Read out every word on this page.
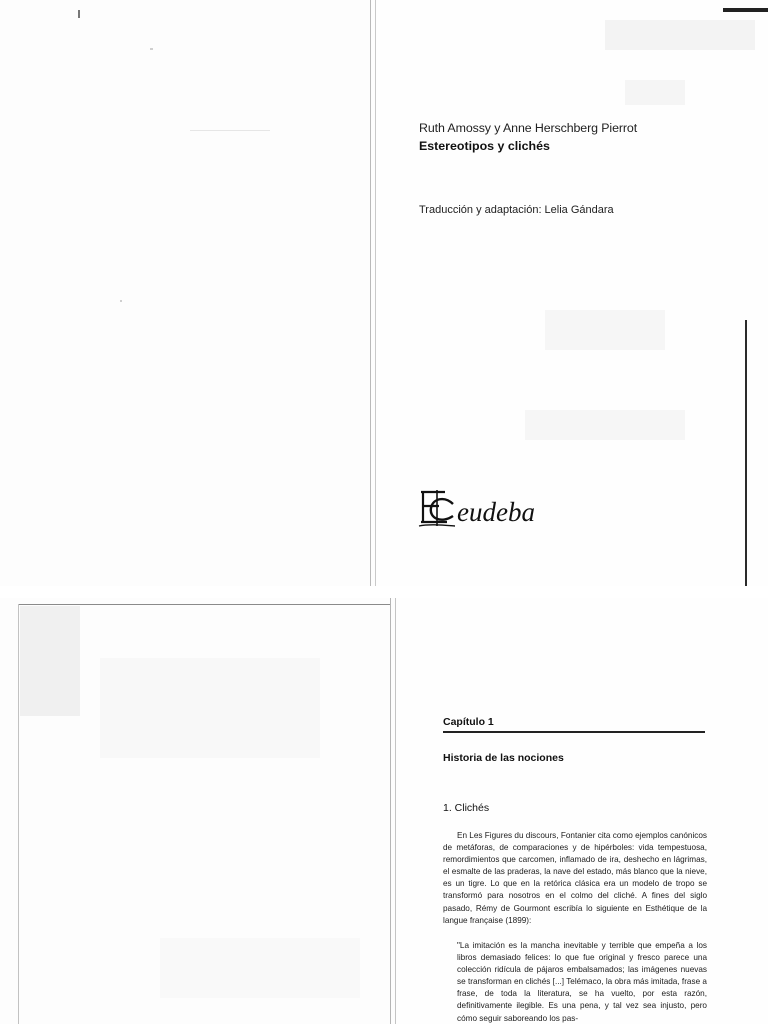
Ruth Amossy y Anne Herschberg Pierrot
Estereotipos y clichés
Traducción y adaptación: Lelia Gándara
eudeba
Capítulo 1
Historia de las nociones
1. Clichés

En Les Figures du discours, Fontanier cita como ejemplos canónicos de metáforas, de comparaciones y de hipérboles: vida tempestuosa, remordimientos que carcomen, inflamado de ira, deshecho en lágrimas, el esmalte de las praderas, la nave del estado, más blanco que la nieve, es un tigre. Lo que en la retórica clásica era un modelo de tropo se transformó para nosotros en el colmo del cliché. A fines del siglo pasado, Rémy de Gourmont escribía lo siguiente en Esthétique de la langue française (1899):

"La imitación es la mancha inevitable y terrible que empeña a los libros demasiado felices: lo que fue original y fresco parece una colección ridícula de pájaros embalsamados; las imágenes nuevas se transforman en clichés [...] Telémaco, la obra más imitada, frase a frase, de toda la literatura, se ha vuelto, por esta razón, definitivamente ilegible. Es una pena, y tal vez sea injusto, pero cómo seguir saboreando los pas-
